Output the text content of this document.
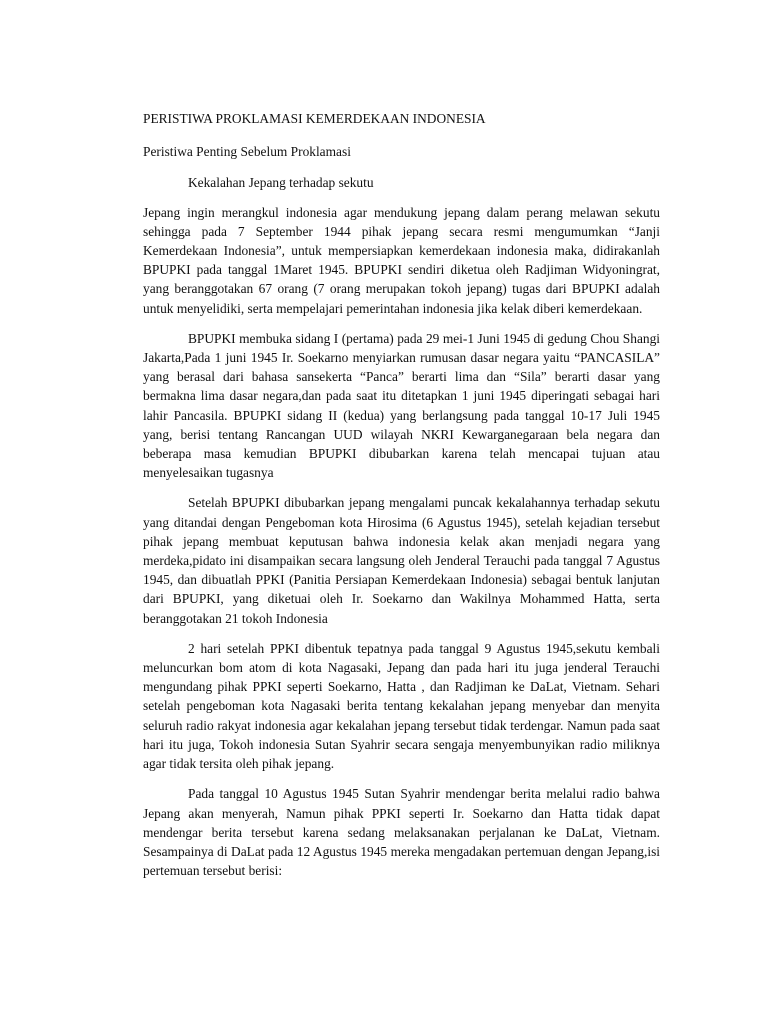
PERISTIWA PROKLAMASI KEMERDEKAAN INDONESIA
Peristiwa Penting Sebelum Proklamasi
Kekalahan Jepang terhadap sekutu

Jepang ingin merangkul indonesia agar mendukung jepang dalam perang melawan sekutu sehingga pada 7 September 1944 pihak jepang secara resmi mengumumkan “Janji Kemerdekaan Indonesia”, untuk mempersiapkan kemerdekaan indonesia maka, didirakanlah BPUPKI pada tanggal 1Maret 1945. BPUPKI sendiri diketua oleh Radjiman Widyoningrat, yang beranggotakan 67 orang (7 orang merupakan tokoh jepang) tugas dari BPUPKI adalah untuk menyelidiki, serta mempelajari pemerintahan indonesia jika kelak diberi kemerdekaan.

BPUPKI membuka sidang I (pertama) pada 29 mei-1 Juni 1945 di gedung Chou Shangi Jakarta,Pada 1 juni 1945 Ir. Soekarno menyiarkan rumusan dasar negara yaitu “PANCASILA” yang berasal dari bahasa sansekerta “Panca” berarti lima dan “Sila” berarti dasar yang bermakna lima dasar negara,dan pada saat itu ditetapkan 1 juni 1945 diperingati sebagai hari lahir Pancasila. BPUPKI sidang II (kedua) yang berlangsung pada tanggal 10-17 Juli 1945 yang, berisi tentang Rancangan UUD wilayah NKRI Kewarganegaraan bela negara dan beberapa masa kemudian BPUPKI dibubarkan karena telah mencapai tujuan atau menyelesaikan tugasnya

Setelah BPUPKI dibubarkan jepang mengalami puncak kekalahannya terhadap sekutu yang ditandai dengan Pengeboman kota Hirosima (6 Agustus 1945), setelah kejadian tersebut pihak jepang membuat keputusan bahwa indonesia kelak akan menjadi negara yang merdeka,pidato ini disampaikan secara langsung oleh Jenderal Terauchi pada tanggal 7 Agustus 1945, dan dibuatlah PPKI (Panitia Persiapan Kemerdekaan Indonesia) sebagai bentuk lanjutan dari BPUPKI, yang diketuai oleh Ir. Soekarno dan Wakilnya Mohammed Hatta, serta beranggotakan 21 tokoh Indonesia

2 hari setelah PPKI dibentuk tepatnya pada tanggal 9 Agustus 1945,sekutu kembali meluncurkan bom atom di kota Nagasaki, Jepang dan pada hari itu juga jenderal Terauchi mengundang pihak PPKI seperti Soekarno, Hatta , dan Radjiman ke DaLat, Vietnam. Sehari setelah pengeboman kota Nagasaki berita tentang kekalahan jepang menyebar dan menyita seluruh radio rakyat indonesia agar kekalahan jepang tersebut tidak terdengar. Namun pada saat hari itu juga, Tokoh indonesia Sutan Syahrir secara sengaja menyembunyikan radio miliknya agar tidak tersita oleh pihak jepang.

Pada tanggal 10 Agustus 1945 Sutan Syahrir mendengar berita melalui radio bahwa Jepang akan menyerah, Namun pihak PPKI seperti Ir. Soekarno dan Hatta tidak dapat mendengar berita tersebut karena sedang melaksanakan perjalanan ke DaLat, Vietnam. Sesampainya di DaLat pada 12 Agustus 1945 mereka mengadakan pertemuan dengan Jepang,isi pertemuan tersebut berisi:
